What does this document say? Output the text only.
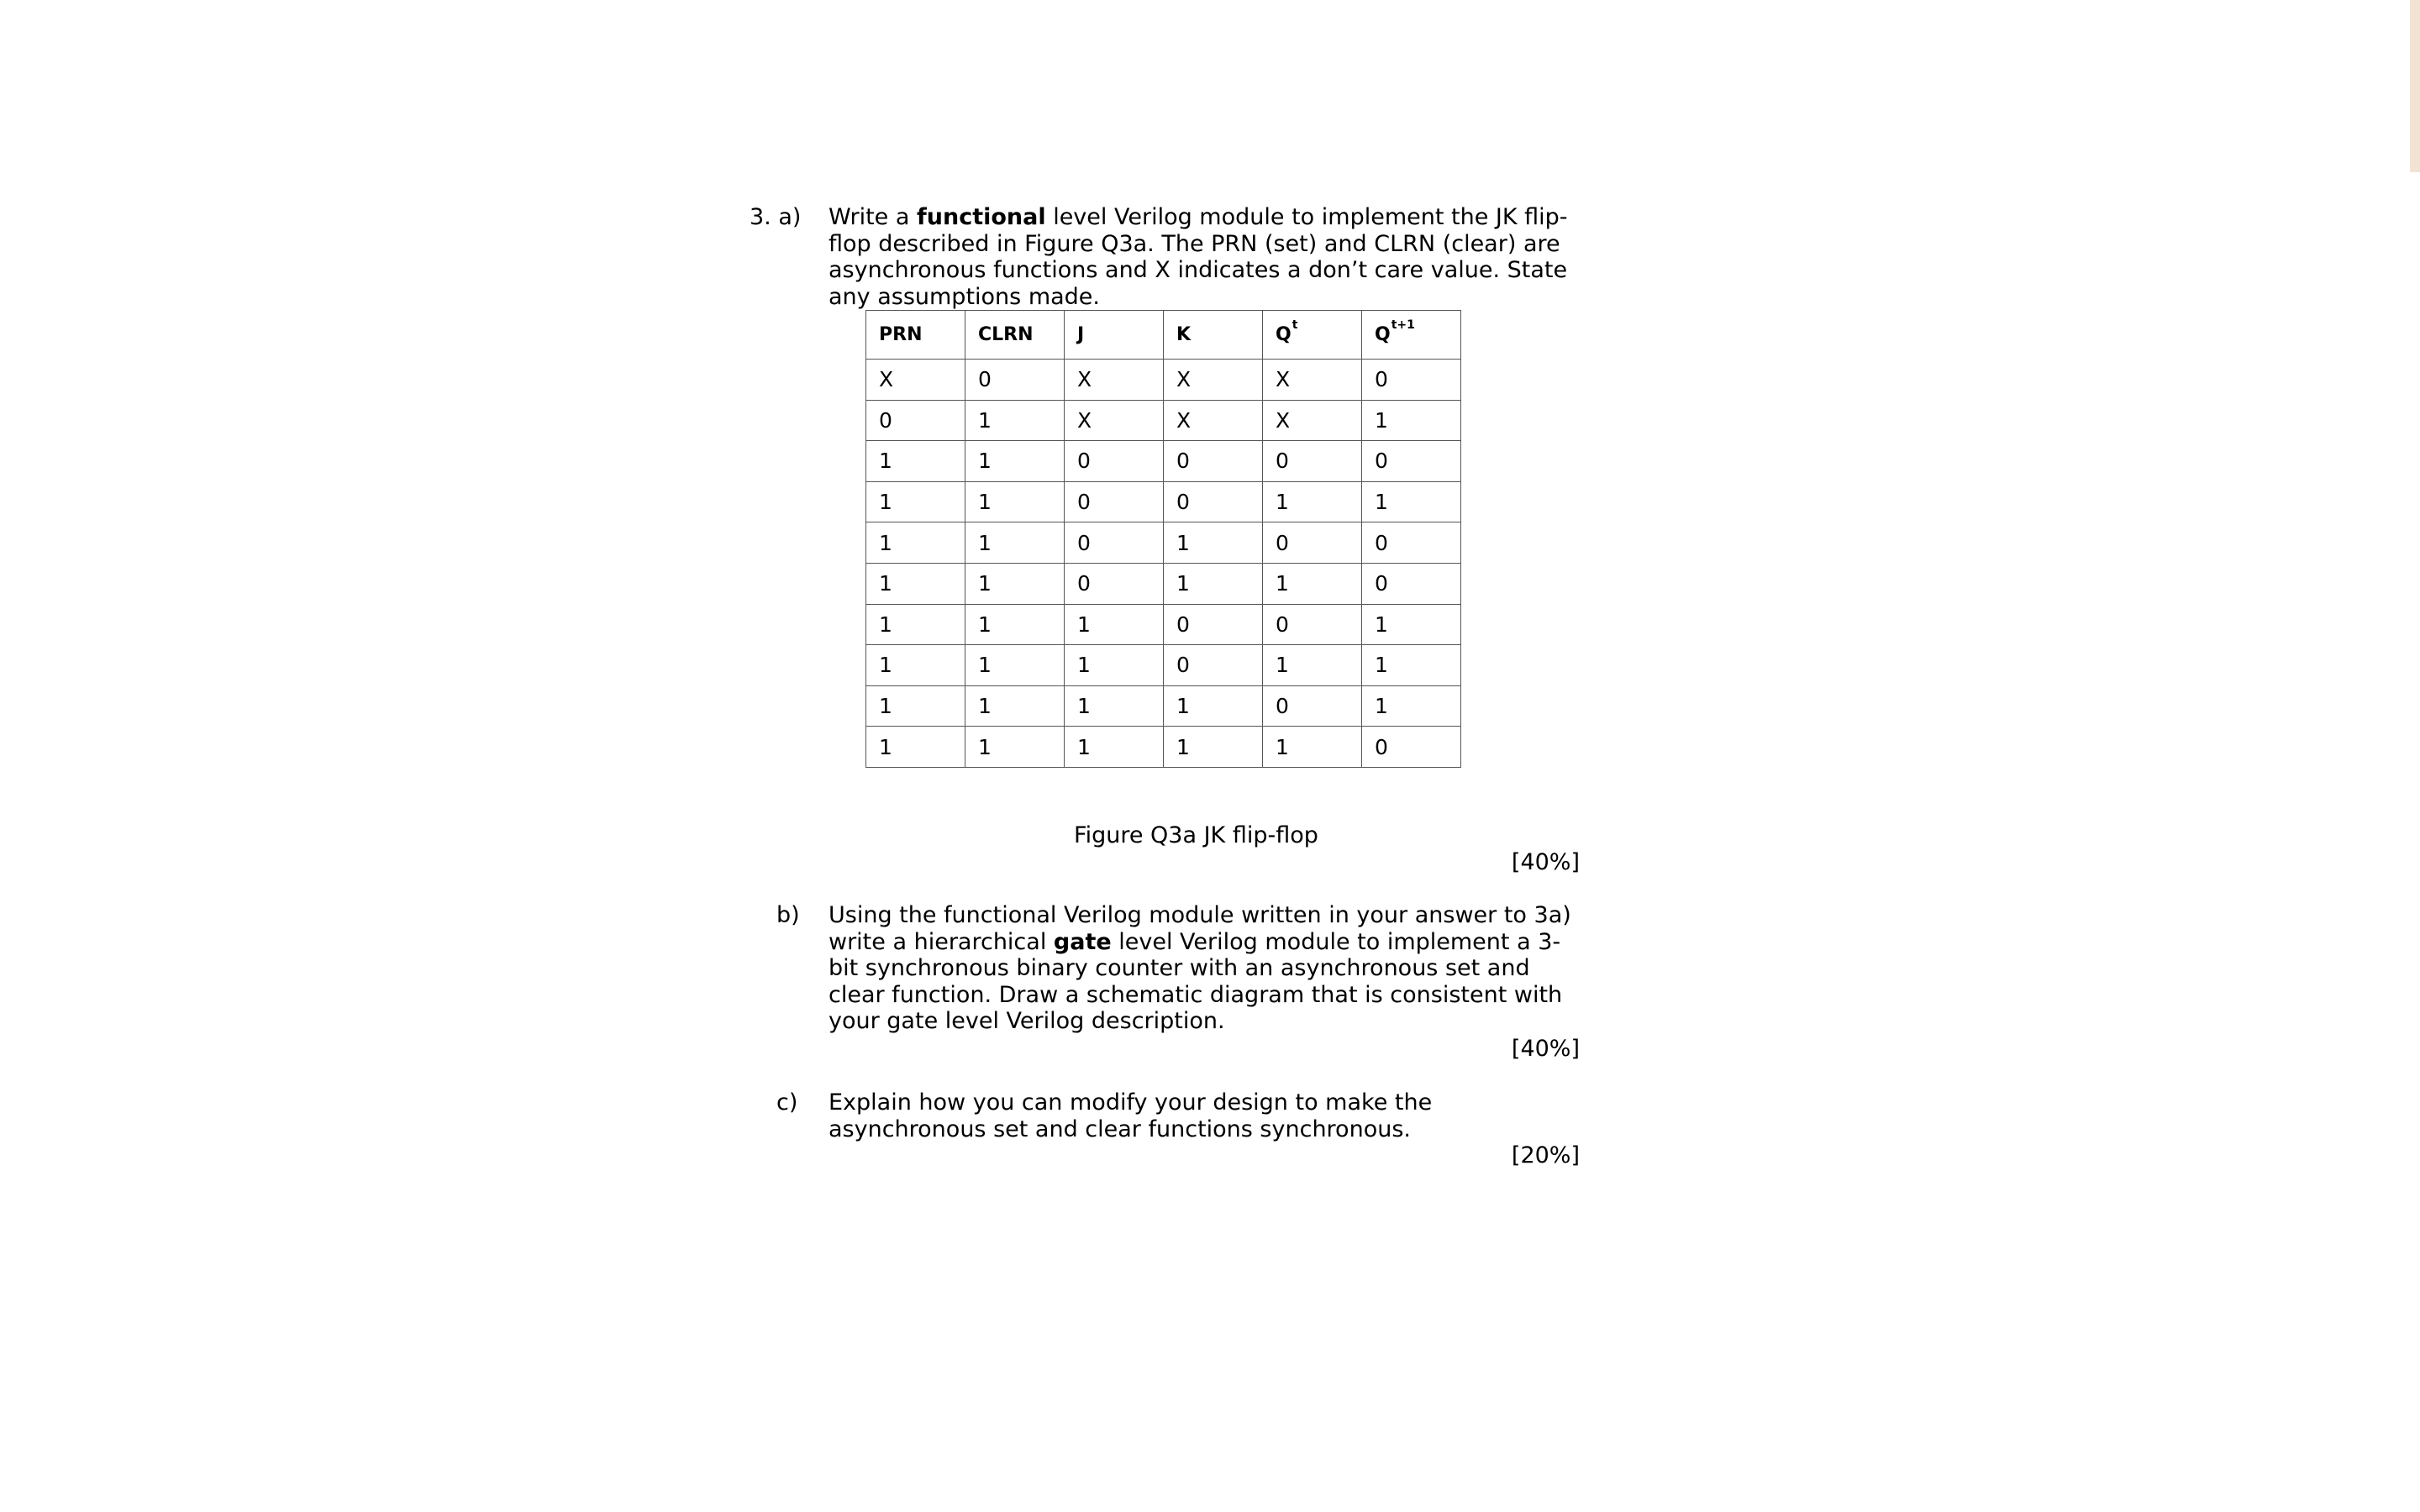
3. a) Write a functional level Verilog module to implement the JK flip-flop described in Figure Q3a. The PRN (set) and CLRN (clear) are asynchronous functions and X indicates a don’t care value. State any assumptions made.
PRN	CLRN	J	K	$Q^t$	$Q^{t+1}$
X	0	X	X	X	0
0	1	X	X	X	1
1	1	0	0	0	0
1	1	0	0	1	1
1	1	0	1	0	0
1	1	0	1	1	0
1	1	1	0	0	1
1	1	1	0	1	1
1	1	1	1	0	1
1	1	1	1	1	0
Figure Q3a JK flip-flop
[40%]
b) Using the functional Verilog module written in your answer to 3a) write a hierarchical gate level Verilog module to implement a 3-bit synchronous binary counter with an asynchronous set and clear function. Draw a schematic diagram that is consistent with your gate level Verilog description.
[40%]
c) Explain how you can modify your design to make the asynchronous set and clear functions synchronous.
[20%]
